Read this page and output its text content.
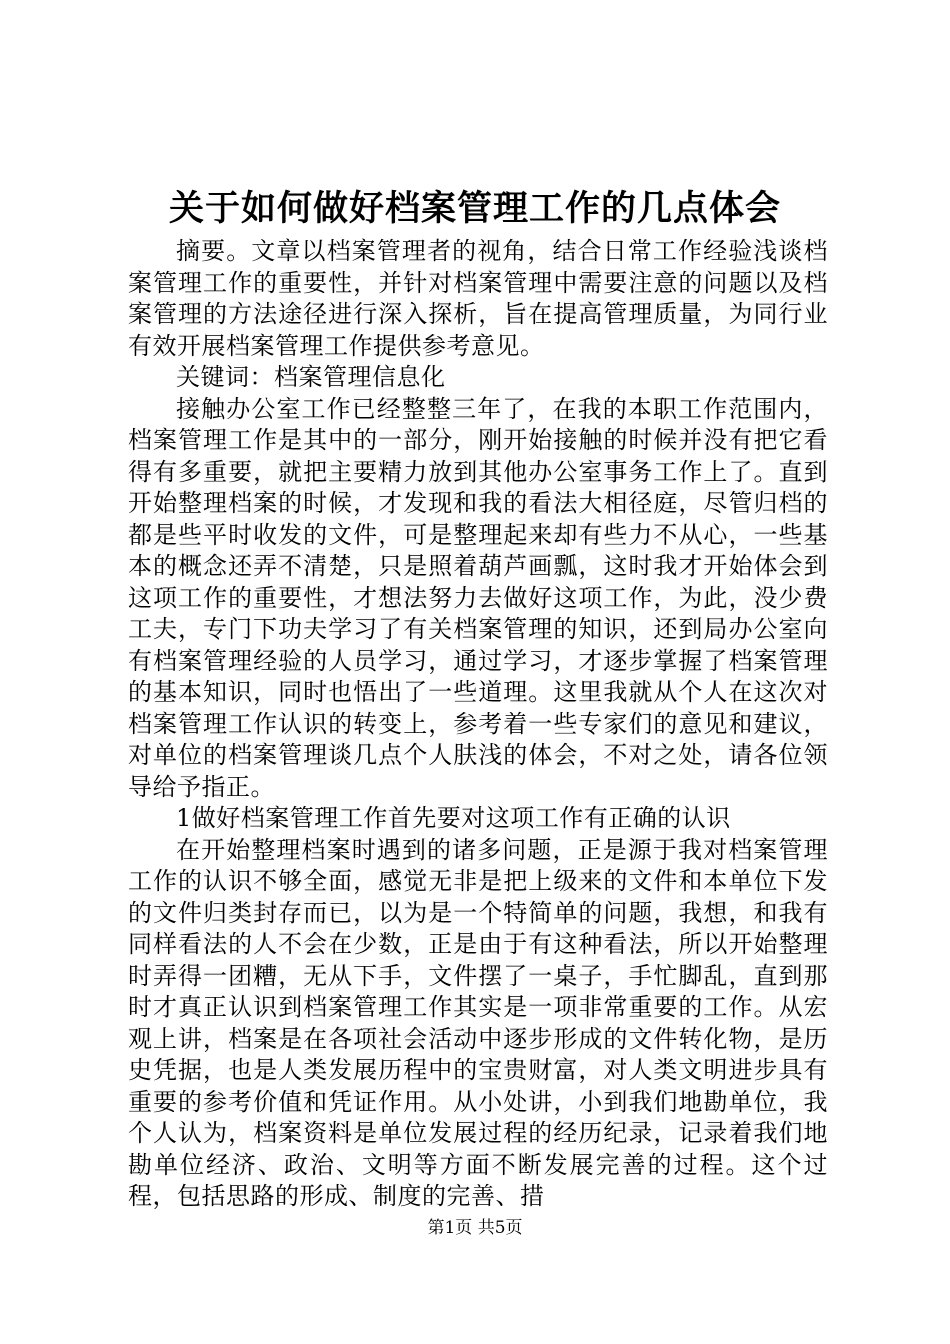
关于如何做好档案管理工作的几点体会

摘要。文章以档案管理者的视角，结合日常工作经验浅谈档案管理工作的重要性，并针对档案管理中需要注意的问题以及档案管理的方法途径进行深入探析，旨在提高管理质量，为同行业有效开展档案管理工作提供参考意见。

关键词：档案管理信息化

接触办公室工作已经整整三年了，在我的本职工作范围内，档案管理工作是其中的一部分，刚开始接触的时候并没有把它看得有多重要，就把主要精力放到其他办公室事务工作上了。直到开始整理档案的时候，才发现和我的看法大相径庭，尽管归档的都是些平时收发的文件，可是整理起来却有些力不从心，一些基本的概念还弄不清楚，只是照着葫芦画瓢，这时我才开始体会到这项工作的重要性，才想法努力去做好这项工作，为此，没少费工夫，专门下功夫学习了有关档案管理的知识，还到局办公室向有档案管理经验的人员学习，通过学习，才逐步掌握了档案管理的基本知识，同时也悟出了一些道理。这里我就从个人在这次对档案管理工作认识的转变上，参考着一些专家们的意见和建议，对单位的档案管理谈几点个人肤浅的体会，不对之处，请各位领导给予指正。

1做好档案管理工作首先要对这项工作有正确的认识

在开始整理档案时遇到的诸多问题，正是源于我对档案管理工作的认识不够全面，感觉无非是把上级来的文件和本单位下发的文件归类封存而已，以为是一个特简单的问题，我想，和我有同样看法的人不会在少数，正是由于有这种看法，所以开始整理时弄得一团糟，无从下手，文件摆了一桌子，手忙脚乱，直到那时才真正认识到档案管理工作其实是一项非常重要的工作。从宏观上讲，档案是在各项社会活动中逐步形成的文件转化物，是历史凭据，也是人类发展历程中的宝贵财富，对人类文明进步具有重要的参考价值和凭证作用。从小处讲，小到我们地勘单位，我个人认为，档案资料是单位发展过程的经历纪录，记录着我们地勘单位经济、政治、文明等方面不断发展完善的过程。这个过程，包括思路的形成、制度的完善、措

第1页 共5页
